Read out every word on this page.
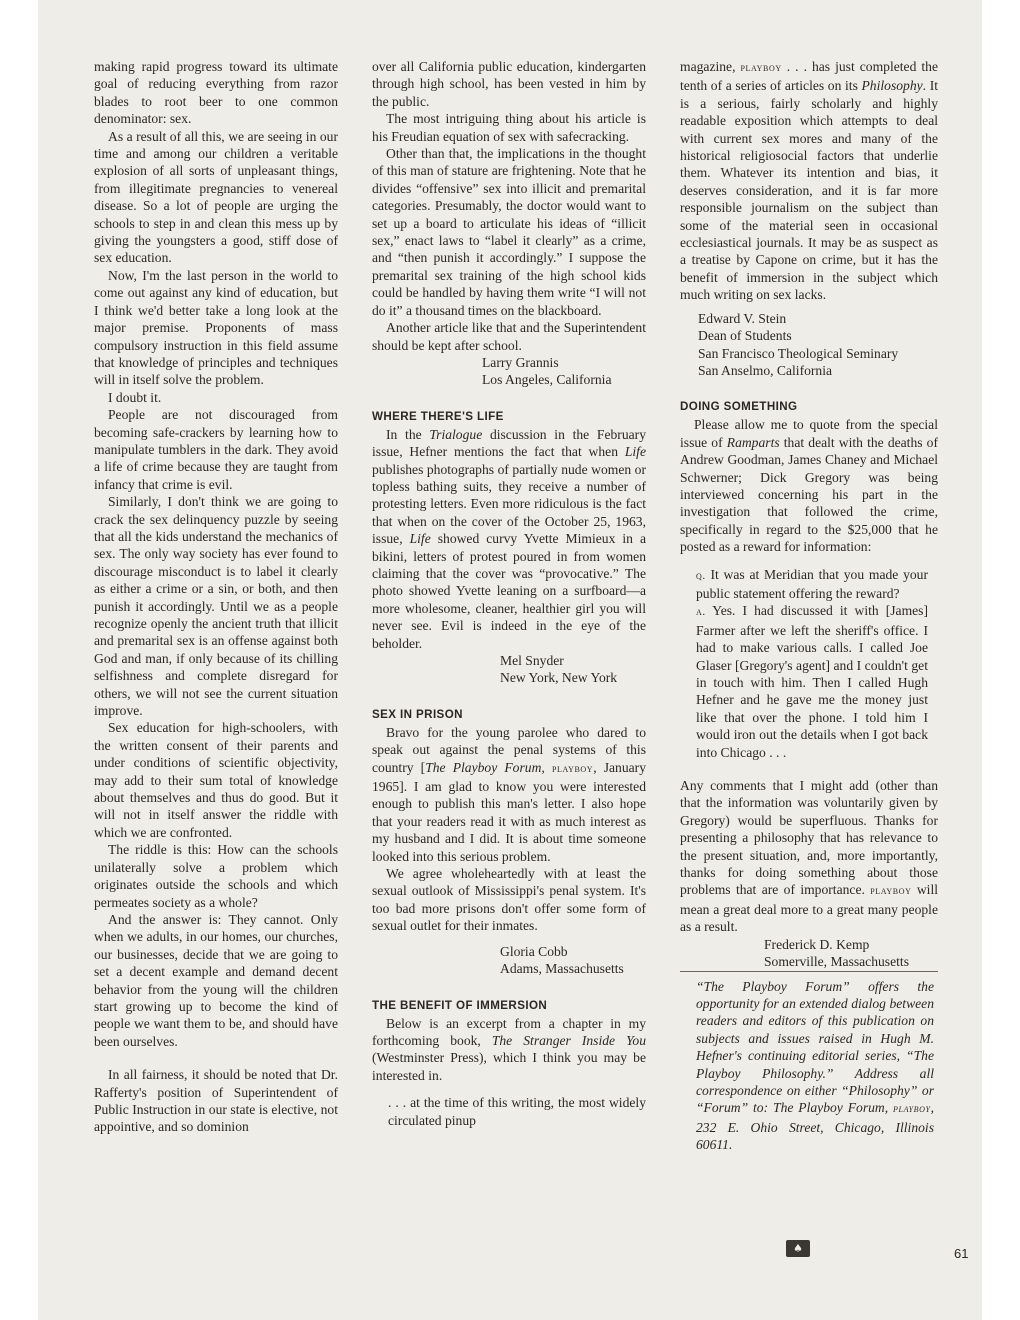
making rapid progress toward its ultimate goal of reducing everything from razor blades to root beer to one common denominator: sex.

As a result of all this, we are seeing in our time and among our children a veritable explosion of all sorts of unpleasant things, from illegitimate pregnancies to venereal disease. So a lot of people are urging the schools to step in and clean this mess up by giving the youngsters a good, stiff dose of sex education.

Now, I'm the last person in the world to come out against any kind of education, but I think we'd better take a long look at the major premise. Proponents of mass compulsory instruction in this field assume that knowledge of principles and techniques will in itself solve the problem.

I doubt it.

People are not discouraged from becoming safe-crackers by learning how to manipulate tumblers in the dark. They avoid a life of crime because they are taught from infancy that crime is evil.

Similarly, I don't think we are going to crack the sex delinquency puzzle by seeing that all the kids understand the mechanics of sex. The only way society has ever found to discourage misconduct is to label it clearly as either a crime or a sin, or both, and then punish it accordingly. Until we as a people recognize openly the ancient truth that illicit and premarital sex is an offense against both God and man, if only because of its chilling selfishness and complete disregard for others, we will not see the current situation improve.

Sex education for high-schoolers, with the written consent of their parents and under conditions of scientific objectivity, may add to their sum total of knowledge about themselves and thus do good. But it will not in itself answer the riddle with which we are confronted.

The riddle is this: How can the schools unilaterally solve a problem which originates outside the schools and which permeates society as a whole?

And the answer is: They cannot. Only when we adults, in our homes, our churches, our businesses, decide that we are going to set a decent example and demand decent behavior from the young will the children start growing up to become the kind of people we want them to be, and should have been ourselves.

In all fairness, it should be noted that Dr. Rafferty's position of Superintendent of Public Instruction in our state is elective, not appointive, and so dominion

over all California public education, kindergarten through high school, has been vested in him by the public.

The most intriguing thing about his article is his Freudian equation of sex with safecracking.

Other than that, the implications in the thought of this man of stature are frightening. Note that he divides “offensive” sex into illicit and premarital categories. Presumably, the doctor would want to set up a board to articulate his ideas of “illicit sex,” enact laws to “label it clearly” as a crime, and “then punish it accordingly.” I suppose the premarital sex training of the high school kids could be handled by having them write “I will not do it” a thousand times on the blackboard.

Another article like that and the Superintendent should be kept after school.

Larry Grannis
Los Angeles, California

WHERE THERE'S LIFE

In the Trialogue discussion in the February issue, Hefner mentions the fact that when Life publishes photographs of partially nude women or topless bathing suits, they receive a number of protesting letters. Even more ridiculous is the fact that when on the cover of the October 25, 1963, issue, Life showed curvy Yvette Mimieux in a bikini, letters of protest poured in from women claiming that the cover was “provocative.” The photo showed Yvette leaning on a surfboard—a more wholesome, cleaner, healthier girl you will never see. Evil is indeed in the eye of the beholder.

Mel Snyder
New York, New York

SEX IN PRISON

Bravo for the young parolee who dared to speak out against the penal systems of this country [The Playboy Forum, playboy, January 1965]. I am glad to know you were interested enough to publish this man's letter. I also hope that your readers read it with as much interest as my husband and I did. It is about time someone looked into this serious problem.

We agree wholeheartedly with at least the sexual outlook of Mississippi's penal system. It's too bad more prisons don't offer some form of sexual outlet for their inmates.

Gloria Cobb
Adams, Massachusetts

THE BENEFIT OF IMMERSION

Below is an excerpt from a chapter in my forthcoming book, The Stranger Inside You (Westminster Press), which I think you may be interested in.

. . . at the time of this writing, the most widely circulated pinup

magazine, playboy . . . has just completed the tenth of a series of articles on its Philosophy. It is a serious, fairly scholarly and highly readable exposition which attempts to deal with current sex mores and many of the historical religiosocial factors that underlie them. Whatever its intention and bias, it deserves consideration, and it is far more responsible journalism on the subject than some of the material seen in occasional ecclesiastical journals. It may be as suspect as a treatise by Capone on crime, but it has the benefit of immersion in the subject which much writing on sex lacks.

Edward V. Stein
Dean of Students
San Francisco Theological Seminary
San Anselmo, California

DOING SOMETHING

Please allow me to quote from the special issue of Ramparts that dealt with the deaths of Andrew Goodman, James Chaney and Michael Schwerner; Dick Gregory was being interviewed concerning his part in the investigation that followed the crime, specifically in regard to the $25,000 that he posted as a reward for information:

q. It was at Meridian that you made your public statement offering the reward?

a. Yes. I had discussed it with [James] Farmer after we left the sheriff's office. I had to make various calls. I called Joe Glaser [Gregory's agent] and I couldn't get in touch with him. Then I called Hugh Hefner and he gave me the money just like that over the phone. I told him I would iron out the details when I got back into Chicago . . .

Any comments that I might add (other than that the information was voluntarily given by Gregory) would be superfluous. Thanks for presenting a philosophy that has relevance to the present situation, and, more importantly, thanks for doing something about those problems that are of importance. playboy will mean a great deal more to a great many people as a result.

Frederick D. Kemp
Somerville, Massachusetts

“The Playboy Forum” offers the opportunity for an extended dialog between readers and editors of this publication on subjects and issues raised in Hugh M. Hefner's continuing editorial series, “The Playboy Philosophy.” Address all correspondence on either “Philosophy” or “Forum” to: The Playboy Forum, playboy, 232 E. Ohio Street, Chicago, Illinois 60611.

♠	61
